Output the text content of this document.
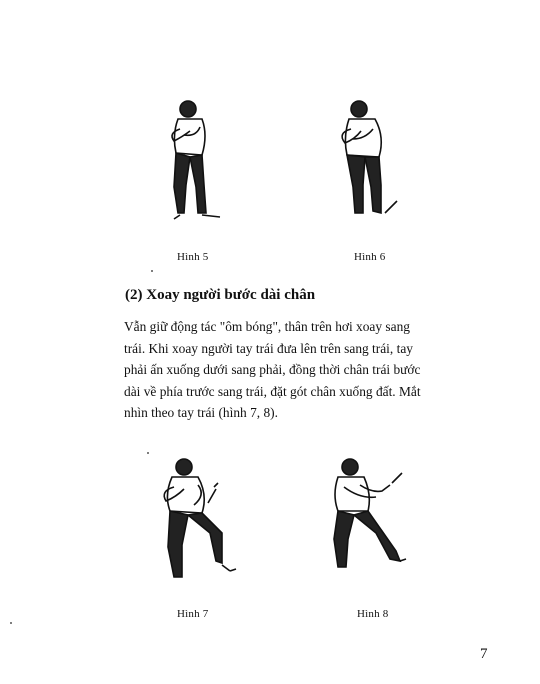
Hình 5	Hình 6
(2) Xoay người bước dài chân
Vẫn giữ động tác "ôm bóng", thân trên hơi xoay sang
trái. Khi xoay người tay trái đưa lên trên sang trái, tay
phải ấn xuống dưới sang phải, đồng thời chân trái bước
dài về phía trước sang trái, đặt gót chân xuống đất. Mắt
nhìn theo tay trái (hình 7, 8).
Hình 7	Hình 8
7
